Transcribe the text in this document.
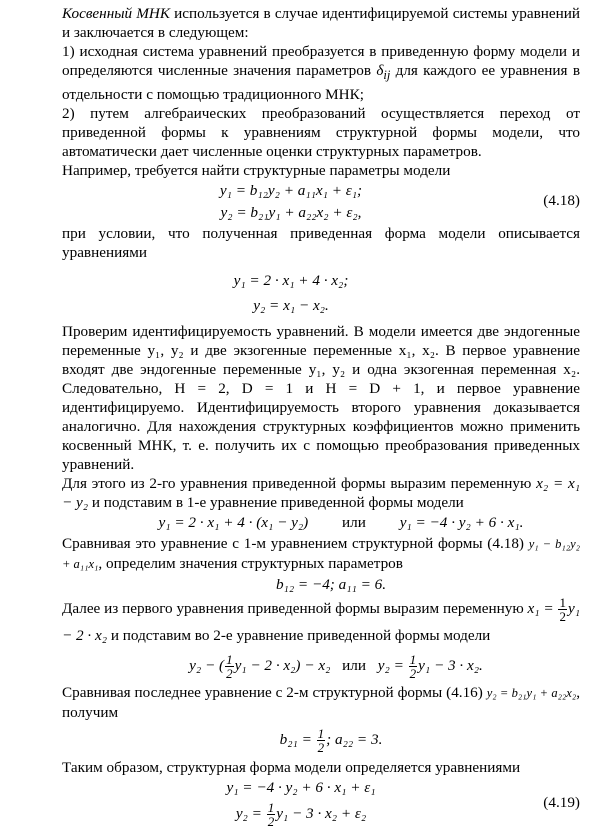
Косвенный МНК используется в случае идентифицируемой системы уравнений и заключается в следующем:

1) исходная система уравнений преобразуется в приведенную форму модели и определяются численные значения параметров $\delta_{ij}$ для каждого ее уравнения в отдельности с помощью традиционного МНК;

2) путем алгебраических преобразований осуществляется переход от приведенной формы к уравнениям структурной формы модели, что автоматически дает численные оценки структурных параметров.

Например, требуется найти структурные параметры модели

y₁ = b₁₂y₂ + a₁₁x₁ + ε₁;
y₂ = b₂₁y₁ + a₂₂x₂ + ε₂,
(4.18)

при условии, что полученная приведенная форма модели описывается уравнениями

y₁ = 2 · x₁ + 4 · x₂;
y₂ = x₁ − x₂.

Проверим идентифицируемость уравнений. В модели имеется две эндогенные переменные y₁, y₂ и две экзогенные переменные x₁, x₂. В первое уравнение входят две эндогенные переменные y₁, y₂ и одна экзогенная переменная x₂. Следовательно, H = 2, D = 1 и H = D + 1, и первое уравнение идентифицируемо. Идентифицируемость второго уравнения доказывается аналогично. Для нахождения структурных коэффициентов можно применить косвенный МНК, т. е. получить их с помощью преобразования приведенных уравнений.

Для этого из 2-го уравнения приведенной формы выразим переменную x₂ = x₁ − y₂ и подставим в 1-е уравнение приведенной формы модели

y₁ = 2 · x₁ + 4 · (x₁ − y₂) или y₁ = −4 · y₂ + 6 · x₁.

Сравнивая это уравнение с 1-м уравнением структурной формы (4.18) y₁ − b₁₂y₂ + a₁₁x₁, определим значения структурных параметров

b₁₂ = −4; a₁₁ = 6.

Далее из первого уравнения приведенной формы выразим переменную $x_1 = \frac{1}{2} y_1 - 2 \cdot x_2$ и подставим во 2-е уравнение приведенной формы модели

y₂ − ( $\frac{1}{2} y_1 - 2 \cdot x_2) - x_2$ или $y_2 = \frac{1}{2} y_1 - 3 \cdot x_2$.

Сравнивая последнее уравнение с 2-м структурной формы (4.16) y₂ = b₂₁y₁ + a₂₂x₂, получим

$b_{21} = \frac{1}{2}$ ; a₂₂ = 3.

Таким образом, структурная форма модели определяется уравнениями

y₁ = −4 · y₂ + 6 · x₁ + ε₁
$y_2 = \frac{1}{2} y_1 - 3 \cdot x_2 + \varepsilon_2$
(4.19)
